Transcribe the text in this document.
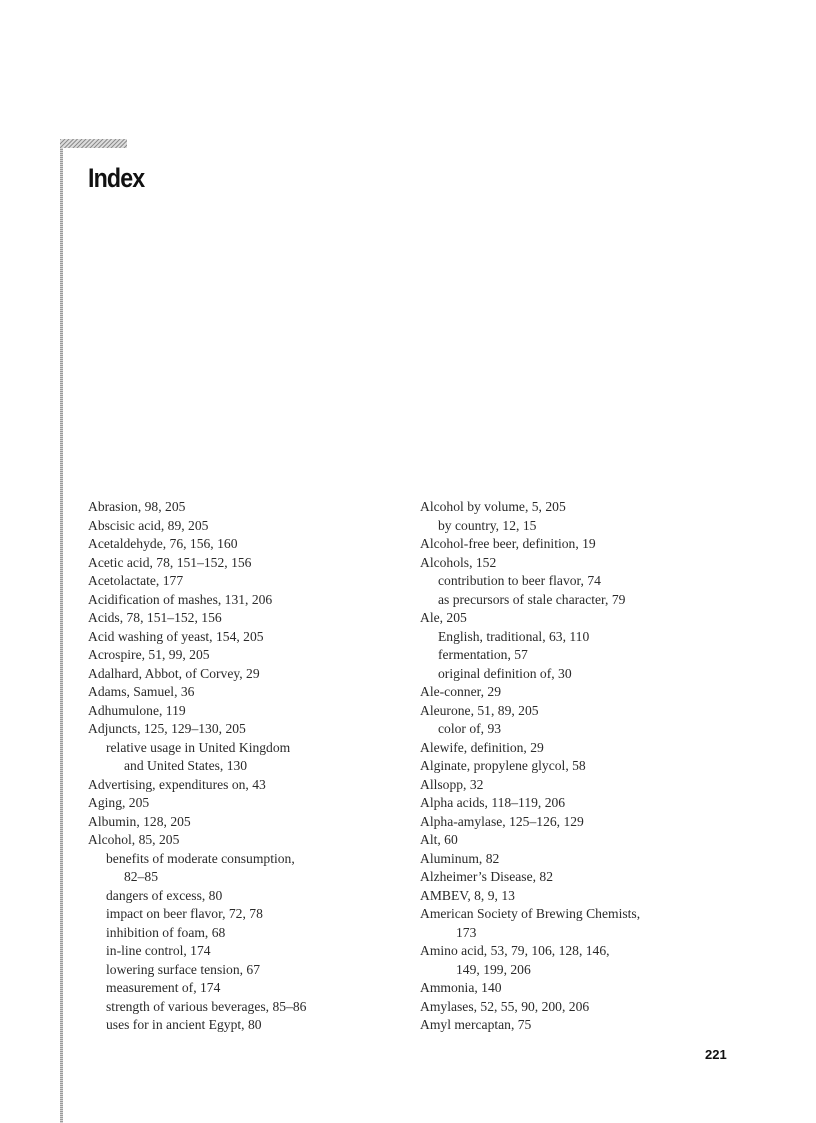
Index
Abrasion, 98, 205
Abscisic acid, 89, 205
Acetaldehyde, 76, 156, 160
Acetic acid, 78, 151–152, 156
Acetolactate, 177
Acidification of mashes, 131, 206
Acids, 78, 151–152, 156
Acid washing of yeast, 154, 205
Acrospire, 51, 99, 205
Adalhard, Abbot, of Corvey, 29
Adams, Samuel, 36
Adhumulone, 119
Adjuncts, 125, 129–130, 205
relative usage in United Kingdom
and United States, 130
Advertising, expenditures on, 43
Aging, 205
Albumin, 128, 205
Alcohol, 85, 205
benefits of moderate consumption,
82–85
dangers of excess, 80
impact on beer flavor, 72, 78
inhibition of foam, 68
in-line control, 174
lowering surface tension, 67
measurement of, 174
strength of various beverages, 85–86
uses for in ancient Egypt, 80
Alcohol by volume, 5, 205
by country, 12, 15
Alcohol-free beer, definition, 19
Alcohols, 152
contribution to beer flavor, 74
as precursors of stale character, 79
Ale, 205
English, traditional, 63, 110
fermentation, 57
original definition of, 30
Ale-conner, 29
Aleurone, 51, 89, 205
color of, 93
Alewife, definition, 29
Alginate, propylene glycol, 58
Allsopp, 32
Alpha acids, 118–119, 206
Alpha-amylase, 125–126, 129
Alt, 60
Aluminum, 82
Alzheimer’s Disease, 82
AMBEV, 8, 9, 13
American Society of Brewing Chemists,
173
Amino acid, 53, 79, 106, 128, 146,
149, 199, 206
Ammonia, 140
Amylases, 52, 55, 90, 200, 206
Amyl mercaptan, 75
221
